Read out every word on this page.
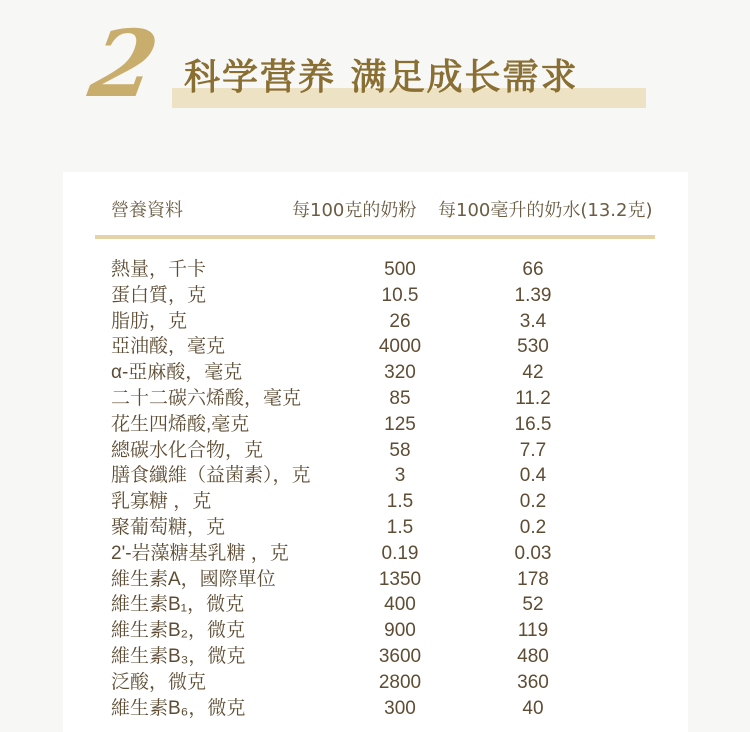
2 科学营养 满足成长需求
營養資料	每100克的奶粉 每100毫升的奶水(13.2克)
熱量，千卡	500	66
蛋白質，克	10.5	1.39
脂肪，克	26	3.4
亞油酸，毫克	4000	530
α-亞麻酸，毫克	320	42
二十二碳六烯酸，毫克	85	11.2
花生四烯酸,毫克	125	16.5
總碳水化合物，克	58	7.7
膳食纖維（益菌素），克	3	0.4
乳寡糖 ，克	1.5	0.2
聚葡萄糖，克	1.5	0.2
2'-岩藻糖基乳糖 ，克	0.19	0.03
維生素A，國際單位	1350	178
維生素B₁，微克	400	52
維生素B₂，微克	900	119
維生素B₃，微克	3600	480
泛酸，微克	2800	360
維生素B₆，微克	300	40
